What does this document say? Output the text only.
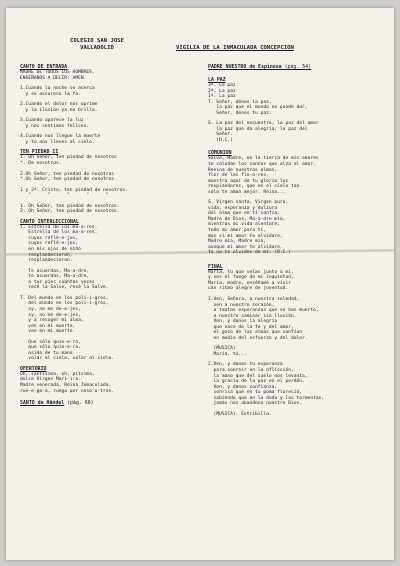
COLEGIO SAN JOSE
VALLADOLID	VIGILIA DE LA INMACULADA CONCEPCION
CANTO DE ENTRADA
MADRE DE TODOS LOS HOMBRES,
ENSEÑANOS A DECIR: AMEN
1.Cuando la noche se acerca
y se oscurece la fe.
2.Cuando el dolor nos oprime
y la ilusión ya no brilla.
3.Cuando aparece la luz
y nos sentimos felices.
4.Cuando nos llegue la muerte
y tú nos lleves al cielo.
TEN PIEDAD II
1. Oh Señor, ten piedad de nosotros
*. De nosotros.
2.Oh Señor, ten piedad de nosotros
*.Oh Señor, ten piedad de nosotros
1 y 2ª. Cristo, ten piedad de nosotros.
"      "      "      "      "
1. Oh Señor, ten piedad de nosotros.
2. Oh Señor, ten piedad de nosotros.
CANTO INTERLECCIONAL
T. Estrella de los ma-a-res.
Estrella de los ma-a-res.
cuyos reflé-e-jos,
cuyos reflé-e-jos,
en mis ojos de niño
resplandecieron,
resplandecieron.
Te acuerdas, Ma-a-dre,
te acuerdas, Ma-a-dre,
a tus pies cuántas veces
recé la Salve, recé la Salve.
T. Del mundo en los poli-i-gros,
del mundo en los poli-i-gros,
sy, no me de-e-jes,
sy, no me de-e-jes,
y a recoger mi alma,
ven en mi muerte,
ven en mi muerte.
Que sólo quie-e-ro,
que sólo quie-e-ro,
asido de tu mano
volar al cielo, volar al cielo.
OFERTORIO
Oh, santísima, oh, pitsima,
dulce Virgen Marí-i-a.
Madre venerada, Reina Inmaculada,
rue-e-ga-a, ruega por noso-o-tros.
SANTO de Händel (pág. 66)
PADRE NUESTRO de Espinosa (pág. 54)
LA PAZ
3ª. La paz
2ª. La paz
1ª. La paz
T. Señor, dénos la paz,
la paz que el mundo no puede dar,
Señor, dénos tu paz.
S. La paz del encuentro, la paz del amor
la paz que da alegría, la paz del
Señor.
(D.C.)
COMUNION
Salve, Madre, en la tierra de mis amores
te saludan los cantos que alza el amor.
Reeina de nuestras almas,
flor de las flo-o-res,
muestra aquí de tu gloria los
resplandores, que en el cielo tan
sólo te aman mejor. Reina...
S. Virgen santa, Virgen pura,
vida, esperanza y dulzura
del alma que en tí confía,
Madre de Dios, Ma-a-dre mía,
mientras mi vida alentare,
todo mi amor para tí,
mas si mi amor te olvidare,
Madre mía, Madre mía,
aunque mi amor te olvidare,
tú no te olvides de mí. (D.C.)
FINAL
María, tú que velas junto a mí,
y ves el fuego de mi inquietud,
María, madre, enséñame a vivir
con ritmo alegre de juventud.
1.Ven, Señora, a nuestra soledad,
ven a nuestro corazón,
a tantas esperanzas que se han muerto,
a nuestro caminar sin ilusión.
Ven, y danos la alegría
que nace de la fe y del amor,
el gozo de las almas que confían
en medio del esfuerzo y del dolor.
(MUSICA)
María, tú...
2.Ven, y danos tu esperanza
para sonreír en la aflicción,
la mano que del suelo nos levanta,
la gracia de la paz en el perdón.
Ven, y danos confianza,
sonrisa que en tu poma floreció,
sabiendo que en la duda y las tormentas,
jamás nos abandona nuestro Dios.
(MUSICA). Estribillo.
